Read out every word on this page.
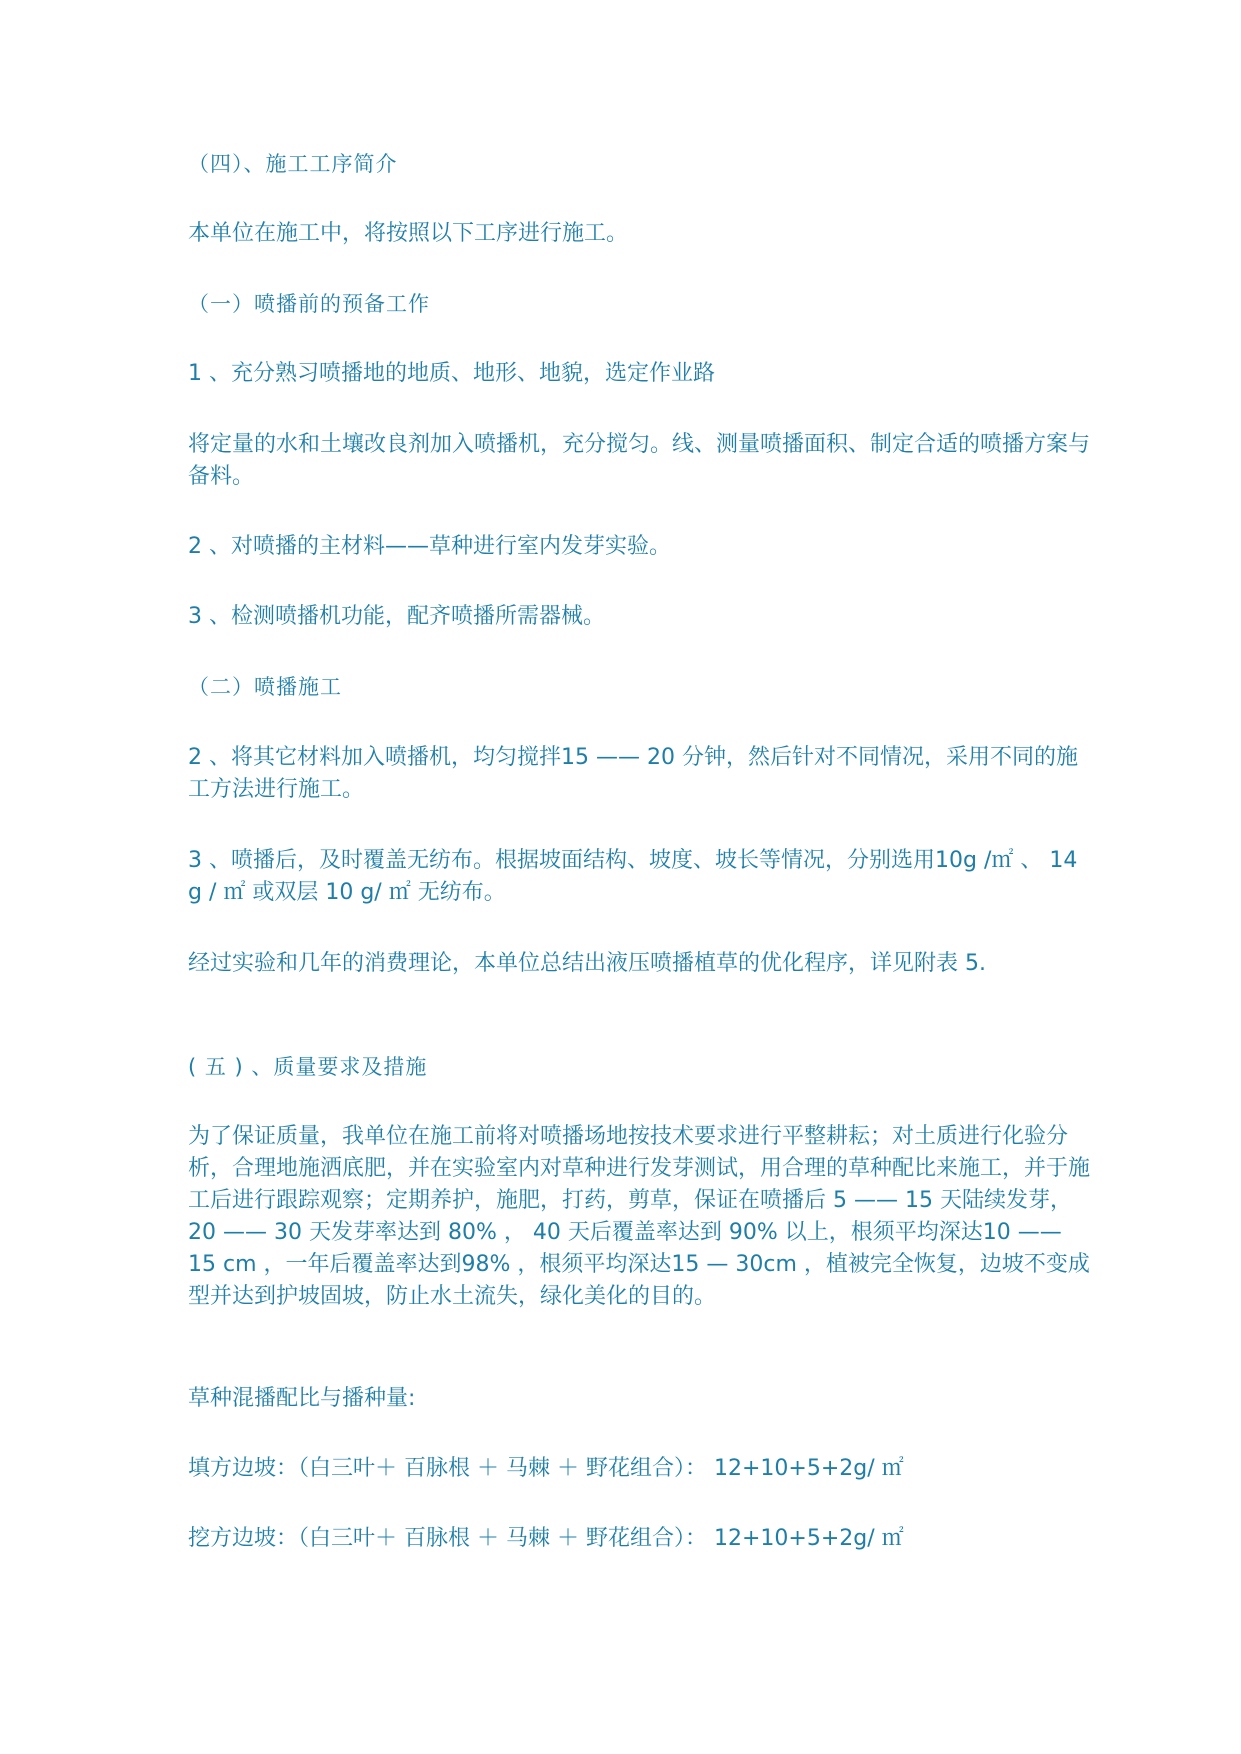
（四）、施工工序简介

本单位在施工中，将按照以下工序进行施工。

（一）喷播前的预备工作

1 、充分熟习喷播地的地质、地形、地貌，选定作业路

将定量的水和土壤改良剂加入喷播机，充分搅匀。线、测量喷播面积、制定合适的喷播方案与备料。

2 、对喷播的主材料——草种进行室内发芽实验。

3 、检测喷播机功能，配齐喷播所需器械。

（二）喷播施工

2 、将其它材料加入喷播机，均匀搅拌15 —— 20 分钟，然后针对不同情况，采用不同的施工方法进行施工。

3 、喷播后，及时覆盖无纺布。根据坡面结构、坡度、坡长等情况，分别选用10g /㎡ 、 14 g / ㎡ 或双层 10 g/ ㎡ 无纺布。

经过实验和几年的消费理论，本单位总结出液压喷播植草的优化程序，详见附表 5.

( 五 ) 、质量要求及措施

为了保证质量，我单位在施工前将对喷播场地按技术要求进行平整耕耘；对土质进行化验分析，合理地施洒底肥，并在实验室内对草种进行发芽测试，用合理的草种配比来施工，并于施工后进行跟踪观察；定期养护，施肥，打药，剪草，保证在喷播后 5 —— 15 天陆续发芽， 20 —— 30 天发芽率达到 80% ， 40 天后覆盖率达到 90% 以上，根须平均深达10 —— 15 cm ，一年后覆盖率达到98% ，根须平均深达15 — 30cm ，植被完全恢复，边坡不变成型并达到护坡固坡，防止水土流失，绿化美化的目的。

草种混播配比与播种量:

填方边坡：（白三叶＋ 百脉根 ＋ 马棘 ＋ 野花组合）： 12+10+5+2g/ ㎡

挖方边坡：（白三叶＋ 百脉根 ＋ 马棘 ＋ 野花组合）： 12+10+5+2g/ ㎡
